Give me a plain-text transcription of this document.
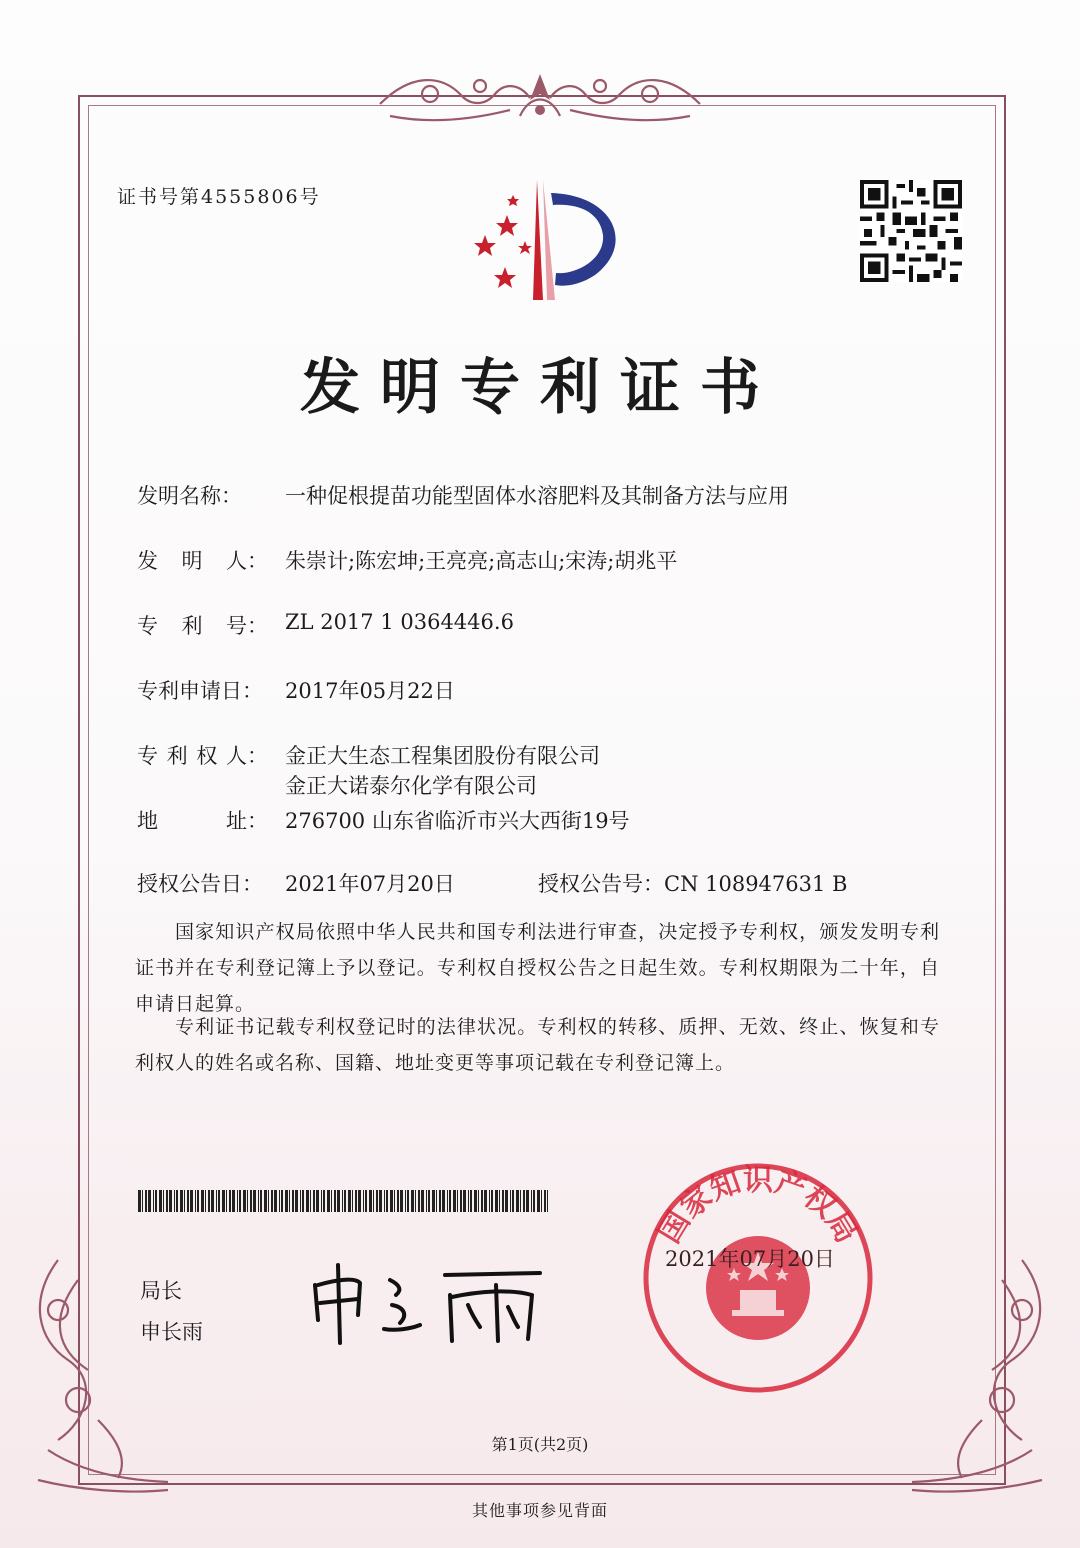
证书号第4555806号
发明专利证书
发明名称： 一种促根提苗功能型固体水溶肥料及其制备方法与应用
发 明 人 ： 朱崇计;陈宏坤;王亮亮;高志山;宋涛;胡兆平
专 利 号 ： ZL 2017 1 0364446.6
专利申请日： 2017年05月22日
专 利 权 人 ： 金正大生态工程集团股份有限公司
金正大诺泰尔化学有限公司
地	址 ： 276700 山东省临沂市兴大西街19号
授权公告日： 2021年07月20日	授权公告号：CN 108947631 B
国家知识产权局依照中华人民共和国专利法进行审查，决定授予专利权，颁发发明专利证书并在专利登记簿上予以登记。专利权自授权公告之日起生效。专利权期限为二十年，自申请日起算。
专利证书记载专利权登记时的法律状况。专利权的转移、质押、无效、终止、恢复和专利权人的姓名或名称、国籍、地址变更等事项记载在专利登记簿上。
局长
申长雨
国家知识产权局
2021年07月20日
第1页(共2页)
其他事项参见背面
